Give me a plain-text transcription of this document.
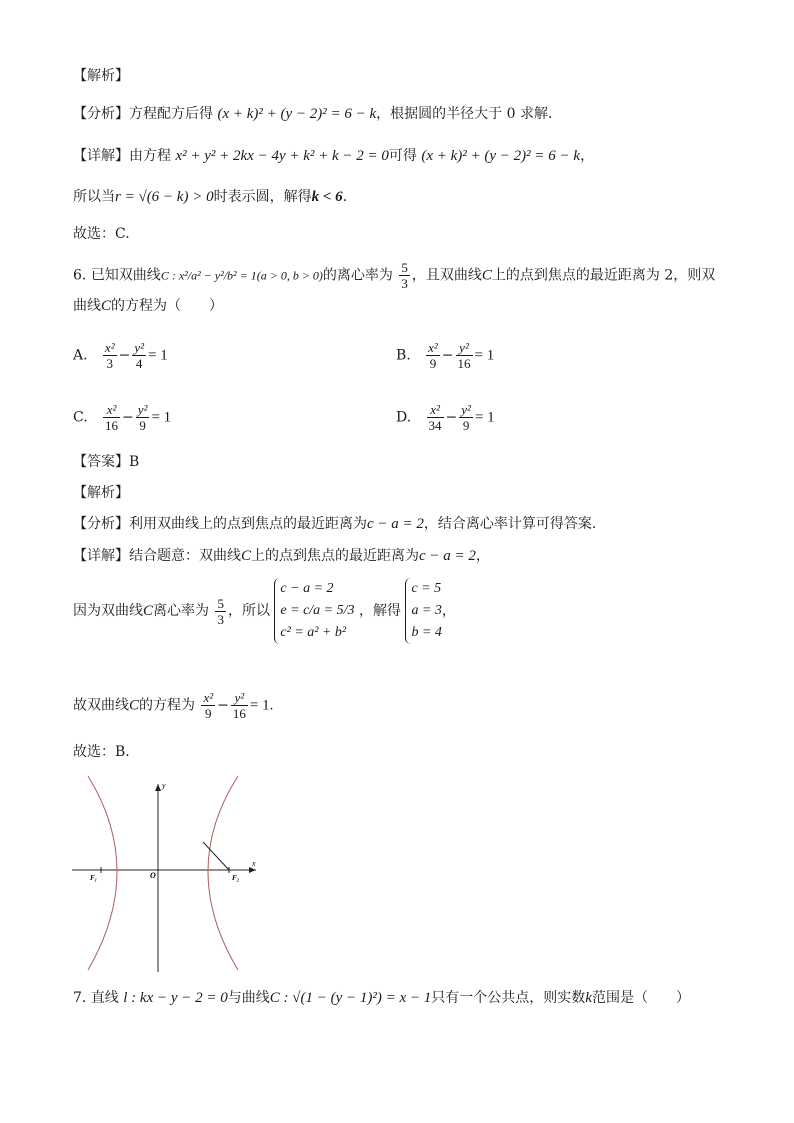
【解析】
【分析】方程配方后得 (x + k)² + (y − 2)² = 6 − k，根据圆的半径大于 0 求解.
【详解】由方程 x² + y² + 2kx − 4y + k² + k − 2 = 0可得 (x + k)² + (y − 2)² = 6 − k，
所以当r = √(6 − k) > 0时表示圆，解得k < 6.
故选：C.
6. 已知双曲线C : x²/a² − y²/b² = 1(a > 0, b > 0)的离心率为 $\frac{5}{3}$ ，且双曲线C上的点到焦点的最近距离为 2，则双
曲线C的方程为（　　）
A. $\frac{\text{x²}}{3} - \frac{\text{y²}}{4} = 1$	B. $\frac{\text{x²}}{9} - \frac{\text{y²}}{16} = 1$
C. $\frac{\text{x²}}{16} - \frac{\text{y²}}{9} = 1$	D. $\frac{\text{x²}}{34} - \frac{\text{y²}}{9} = 1$
【答案】B
【解析】
【分析】利用双曲线上的点到焦点的最近距离为c − a = 2，结合离心率计算可得答案.
【详解】结合题意：双曲线C上的点到焦点的最近距离为c − a = 2，
因为双曲线C离心率为 $\frac{5}{3}$ ，所以
c − a = 2
e = c/a = 5/3
c² = a² + b²
，解得
c = 5
a = 3
b = 4
，
故双曲线C的方程为 $\frac{\text{x²}}{9} - \frac{\text{y²}}{16} = 1$.
故选：B.
y
x
O
F₁	F₂
7. 直线 l : kx − y − 2 = 0与曲线C : √(1 − (y − 1)²) = x − 1只有一个公共点，则实数k范围是（　　）
